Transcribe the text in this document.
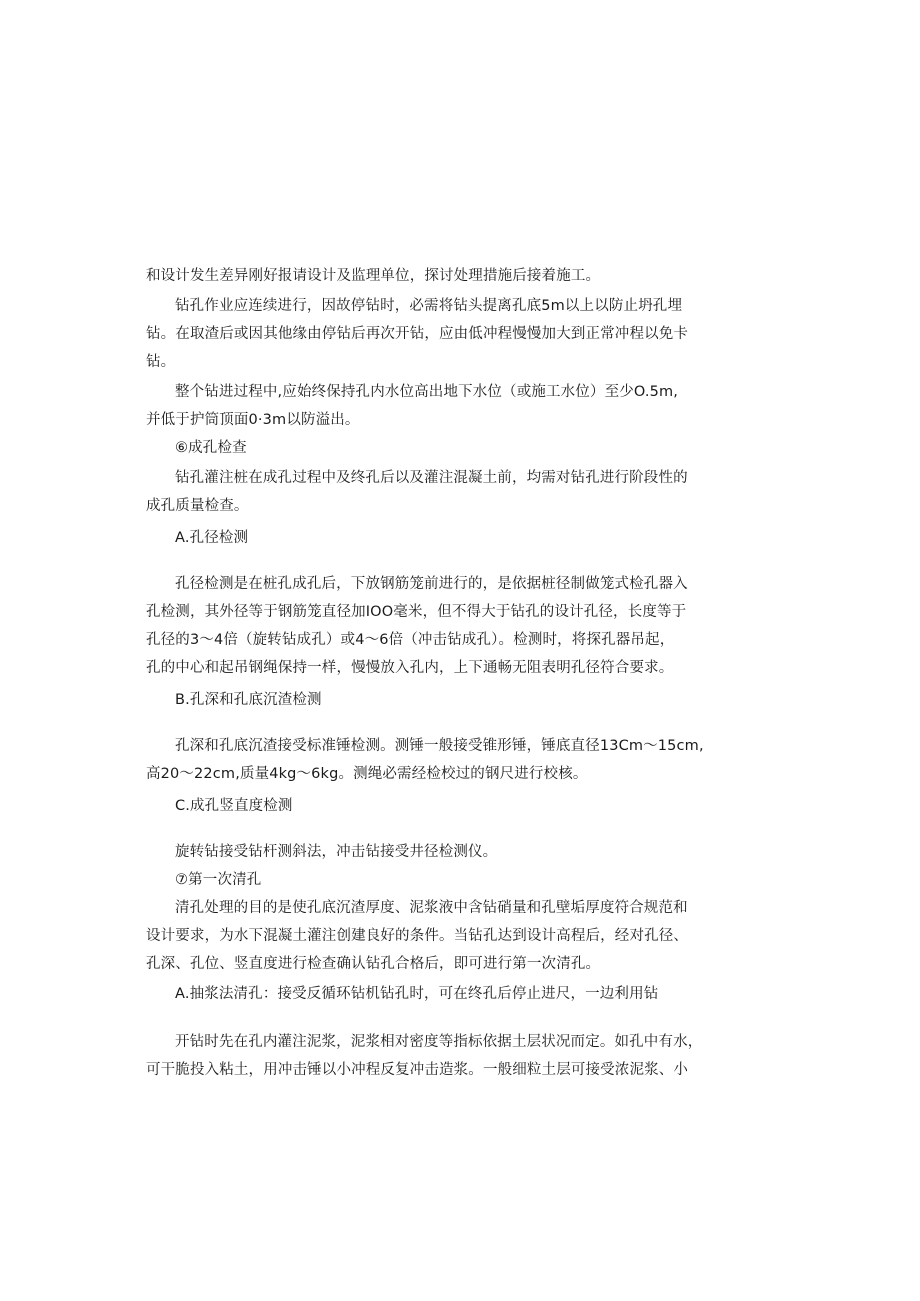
和设计发生差异刚好报请设计及监理单位，探讨处理措施后接着施工。
钻孔作业应连续进行，因故停钻时，必需将钻头提离孔底5m以上以防止坍孔埋
钻。在取渣后或因其他缘由停钻后再次开钻，应由低冲程慢慢加大到正常冲程以免卡
钻。
整个钻进过程中,应始终保持孔内水位高出地下水位（或施工水位）至少O.5m,
并低于护筒顶面0·3m以防溢出。
⑥成孔检查
钻孔灌注桩在成孔过程中及终孔后以及灌注混凝土前，均需对钻孔进行阶段性的
成孔质量检查。
A.孔径检测
孔径检测是在桩孔成孔后，下放钢筋笼前进行的，是依据桩径制做笼式检孔器入
孔检测，其外径等于钢筋笼直径加IOO毫米，但不得大于钻孔的设计孔径，长度等于
孔径的3～4倍（旋转钻成孔）或4～6倍（冲击钻成孔）。检测时，将探孔器吊起，
孔的中心和起吊钢绳保持一样，慢慢放入孔内，上下通畅无阻表明孔径符合要求。
B.孔深和孔底沉渣检测
孔深和孔底沉渣接受标准锤检测。测锤一般接受锥形锤，锤底直径13Cm～15cm,
高20～22cm,质量4kg～6kg。测绳必需经检校过的钢尺进行校核。
C.成孔竖直度检测
旋转钻接受钻杆测斜法，冲击钻接受井径检测仪。
⑦第一次清孔
清孔处理的目的是使孔底沉渣厚度、泥浆液中含钻硝量和孔壁垢厚度符合规范和
设计要求，为水下混凝土灌注创建良好的条件。当钻孔达到设计高程后，经对孔径、
孔深、孔位、竖直度进行检查确认钻孔合格后，即可进行第一次清孔。
A.抽浆法清孔：接受反循环钻机钻孔时，可在终孔后停止进尺，一边利用钻
开钻时先在孔内灌注泥浆，泥浆相对密度等指标依据土层状况而定。如孔中有水，
可干脆投入粘土，用冲击锤以小冲程反复冲击造浆。一般细粒土层可接受浓泥浆、小
